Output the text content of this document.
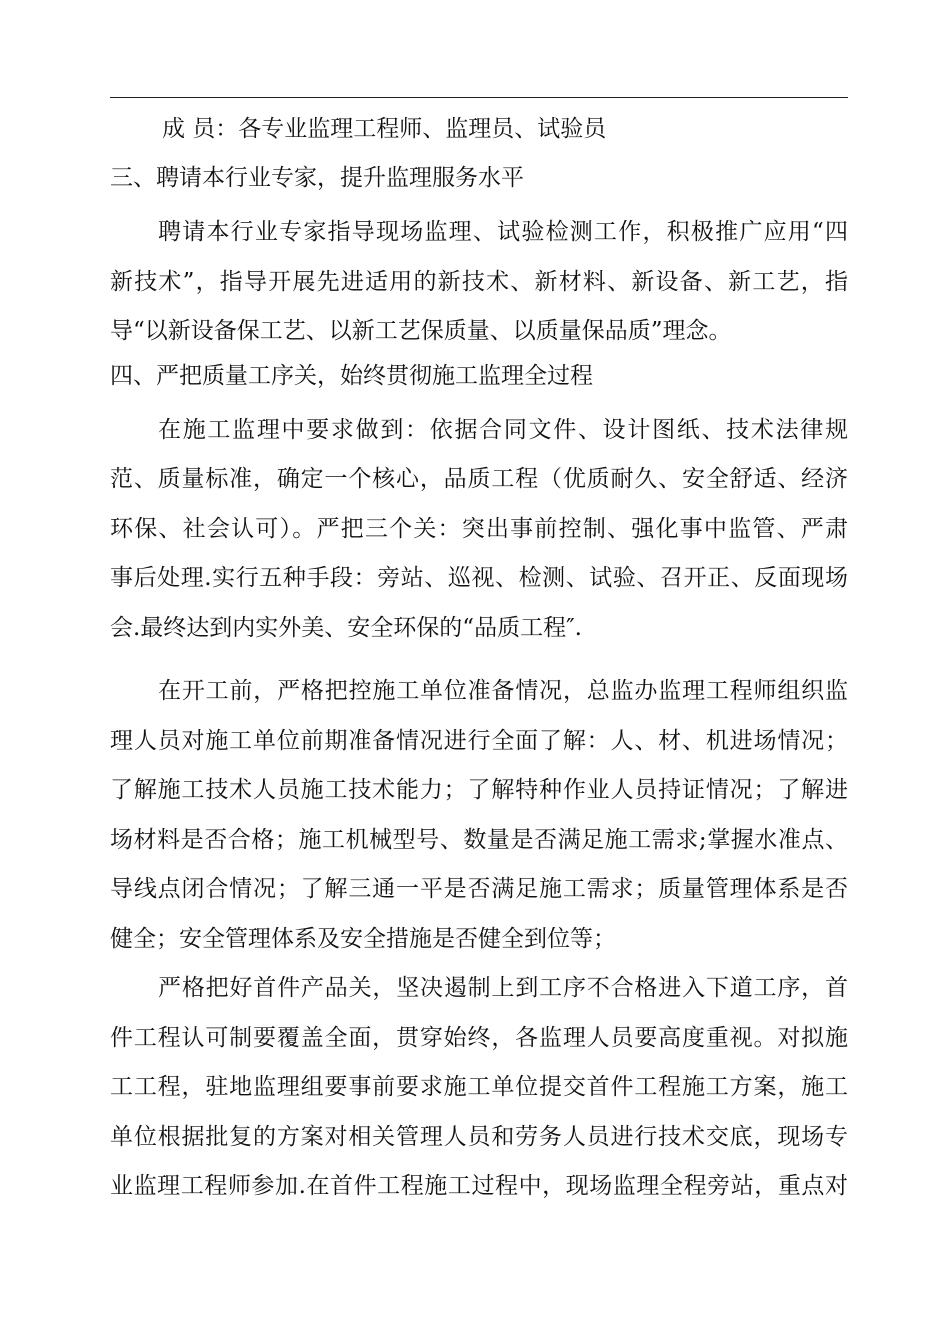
成 员：各专业监理工程师、监理员、试验员
三、聘请本行业专家，提升监理服务水平
聘请本行业专家指导现场监理、试验检测工作，积极推广应用“四
新技术”，指导开展先进适用的新技术、新材料、新设备、新工艺，指
导“以新设备保工艺、以新工艺保质量、以质量保品质”理念。
四、严把质量工序关，始终贯彻施工监理全过程
在施工监理中要求做到：依据合同文件、设计图纸、技术法律规
范、质量标准，确定一个核心，品质工程（优质耐久、安全舒适、经济
环保、社会认可）。严把三个关：突出事前控制、强化事中监管、严肃
事后处理.实行五种手段：旁站、巡视、检测、试验、召开正、反面现场
会.最终达到内实外美、安全环保的“品质工程″.
在开工前，严格把控施工单位准备情况，总监办监理工程师组织监
理人员对施工单位前期准备情况进行全面了解：人、材、机进场情况；
了解施工技术人员施工技术能力；了解特种作业人员持证情况；了解进
场材料是否合格；施工机械型号、数量是否满足施工需求;掌握水准点、
导线点闭合情况；了解三通一平是否满足施工需求；质量管理体系是否
健全；安全管理体系及安全措施是否健全到位等；
严格把好首件产品关，坚决遏制上到工序不合格进入下道工序，首
件工程认可制要覆盖全面，贯穿始终，各监理人员要高度重视。对拟施
工工程，驻地监理组要事前要求施工单位提交首件工程施工方案，施工
单位根据批复的方案对相关管理人员和劳务人员进行技术交底，现场专
业监理工程师参加.在首件工程施工过程中，现场监理全程旁站，重点对
